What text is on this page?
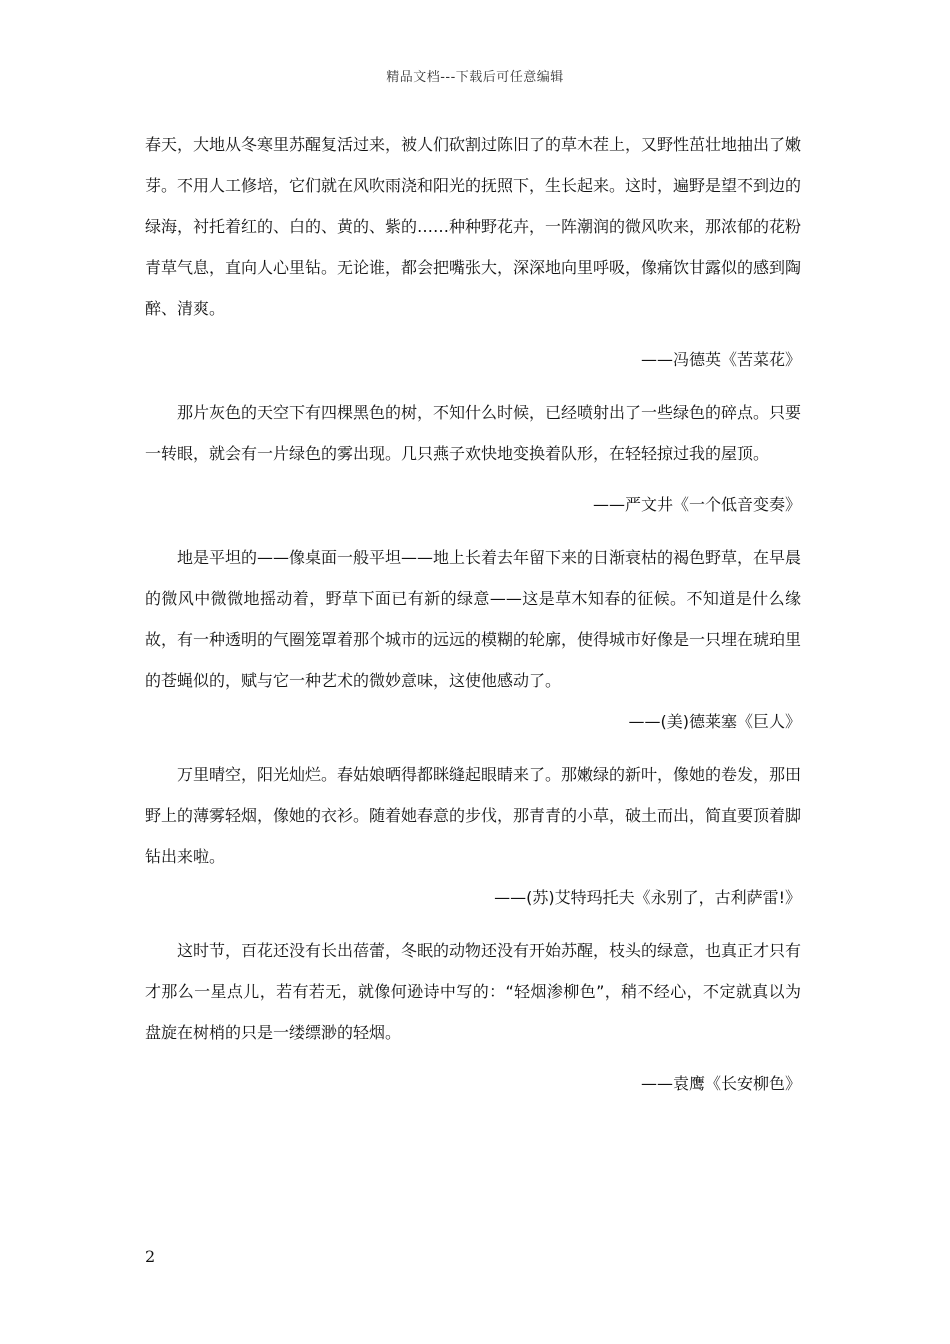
精品文档---下载后可任意编辑

春天，大地从冬寒里苏醒复活过来，被人们砍割过陈旧了的草木茬上，又野性茁壮地抽出了嫩芽。不用人工修培，它们就在风吹雨浇和阳光的抚照下，生长起来。这时，遍野是望不到边的绿海，衬托着红的、白的、黄的、紫的……种种野花卉，一阵潮润的微风吹来，那浓郁的花粉青草气息，直向人心里钻。无论谁，都会把嘴张大，深深地向里呼吸，像痛饮甘露似的感到陶醉、清爽。

——冯德英《苦菜花》

那片灰色的天空下有四棵黑色的树，不知什么时候，已经喷射出了一些绿色的碎点。只要一转眼，就会有一片绿色的雾出现。几只燕子欢快地变换着队形，在轻轻掠过我的屋顶。

——严文井《一个低音变奏》

地是平坦的——像桌面一般平坦——地上长着去年留下来的日渐衰枯的褐色野草，在早晨的微风中微微地摇动着，野草下面已有新的绿意——这是草木知春的征候。不知道是什么缘故，有一种透明的气圈笼罩着那个城市的远远的模糊的轮廓，使得城市好像是一只埋在琥珀里的苍蝇似的，赋与它一种艺术的微妙意味，这使他感动了。

——(美)德莱塞《巨人》

万里晴空，阳光灿烂。春姑娘晒得都眯缝起眼睛来了。那嫩绿的新叶，像她的卷发，那田野上的薄雾轻烟，像她的衣衫。随着她春意的步伐，那青青的小草，破土而出，简直要顶着脚钻出来啦。

——(苏)艾特玛托夫《永别了，古利萨雷!》

这时节，百花还没有长出蓓蕾，冬眠的动物还没有开始苏醒，枝头的绿意，也真正才只有才那么一星点儿，若有若无，就像何逊诗中写的：“轻烟渗柳色”，稍不经心，不定就真以为盘旋在树梢的只是一缕缥渺的轻烟。

——袁鹰《长安柳色》

2
